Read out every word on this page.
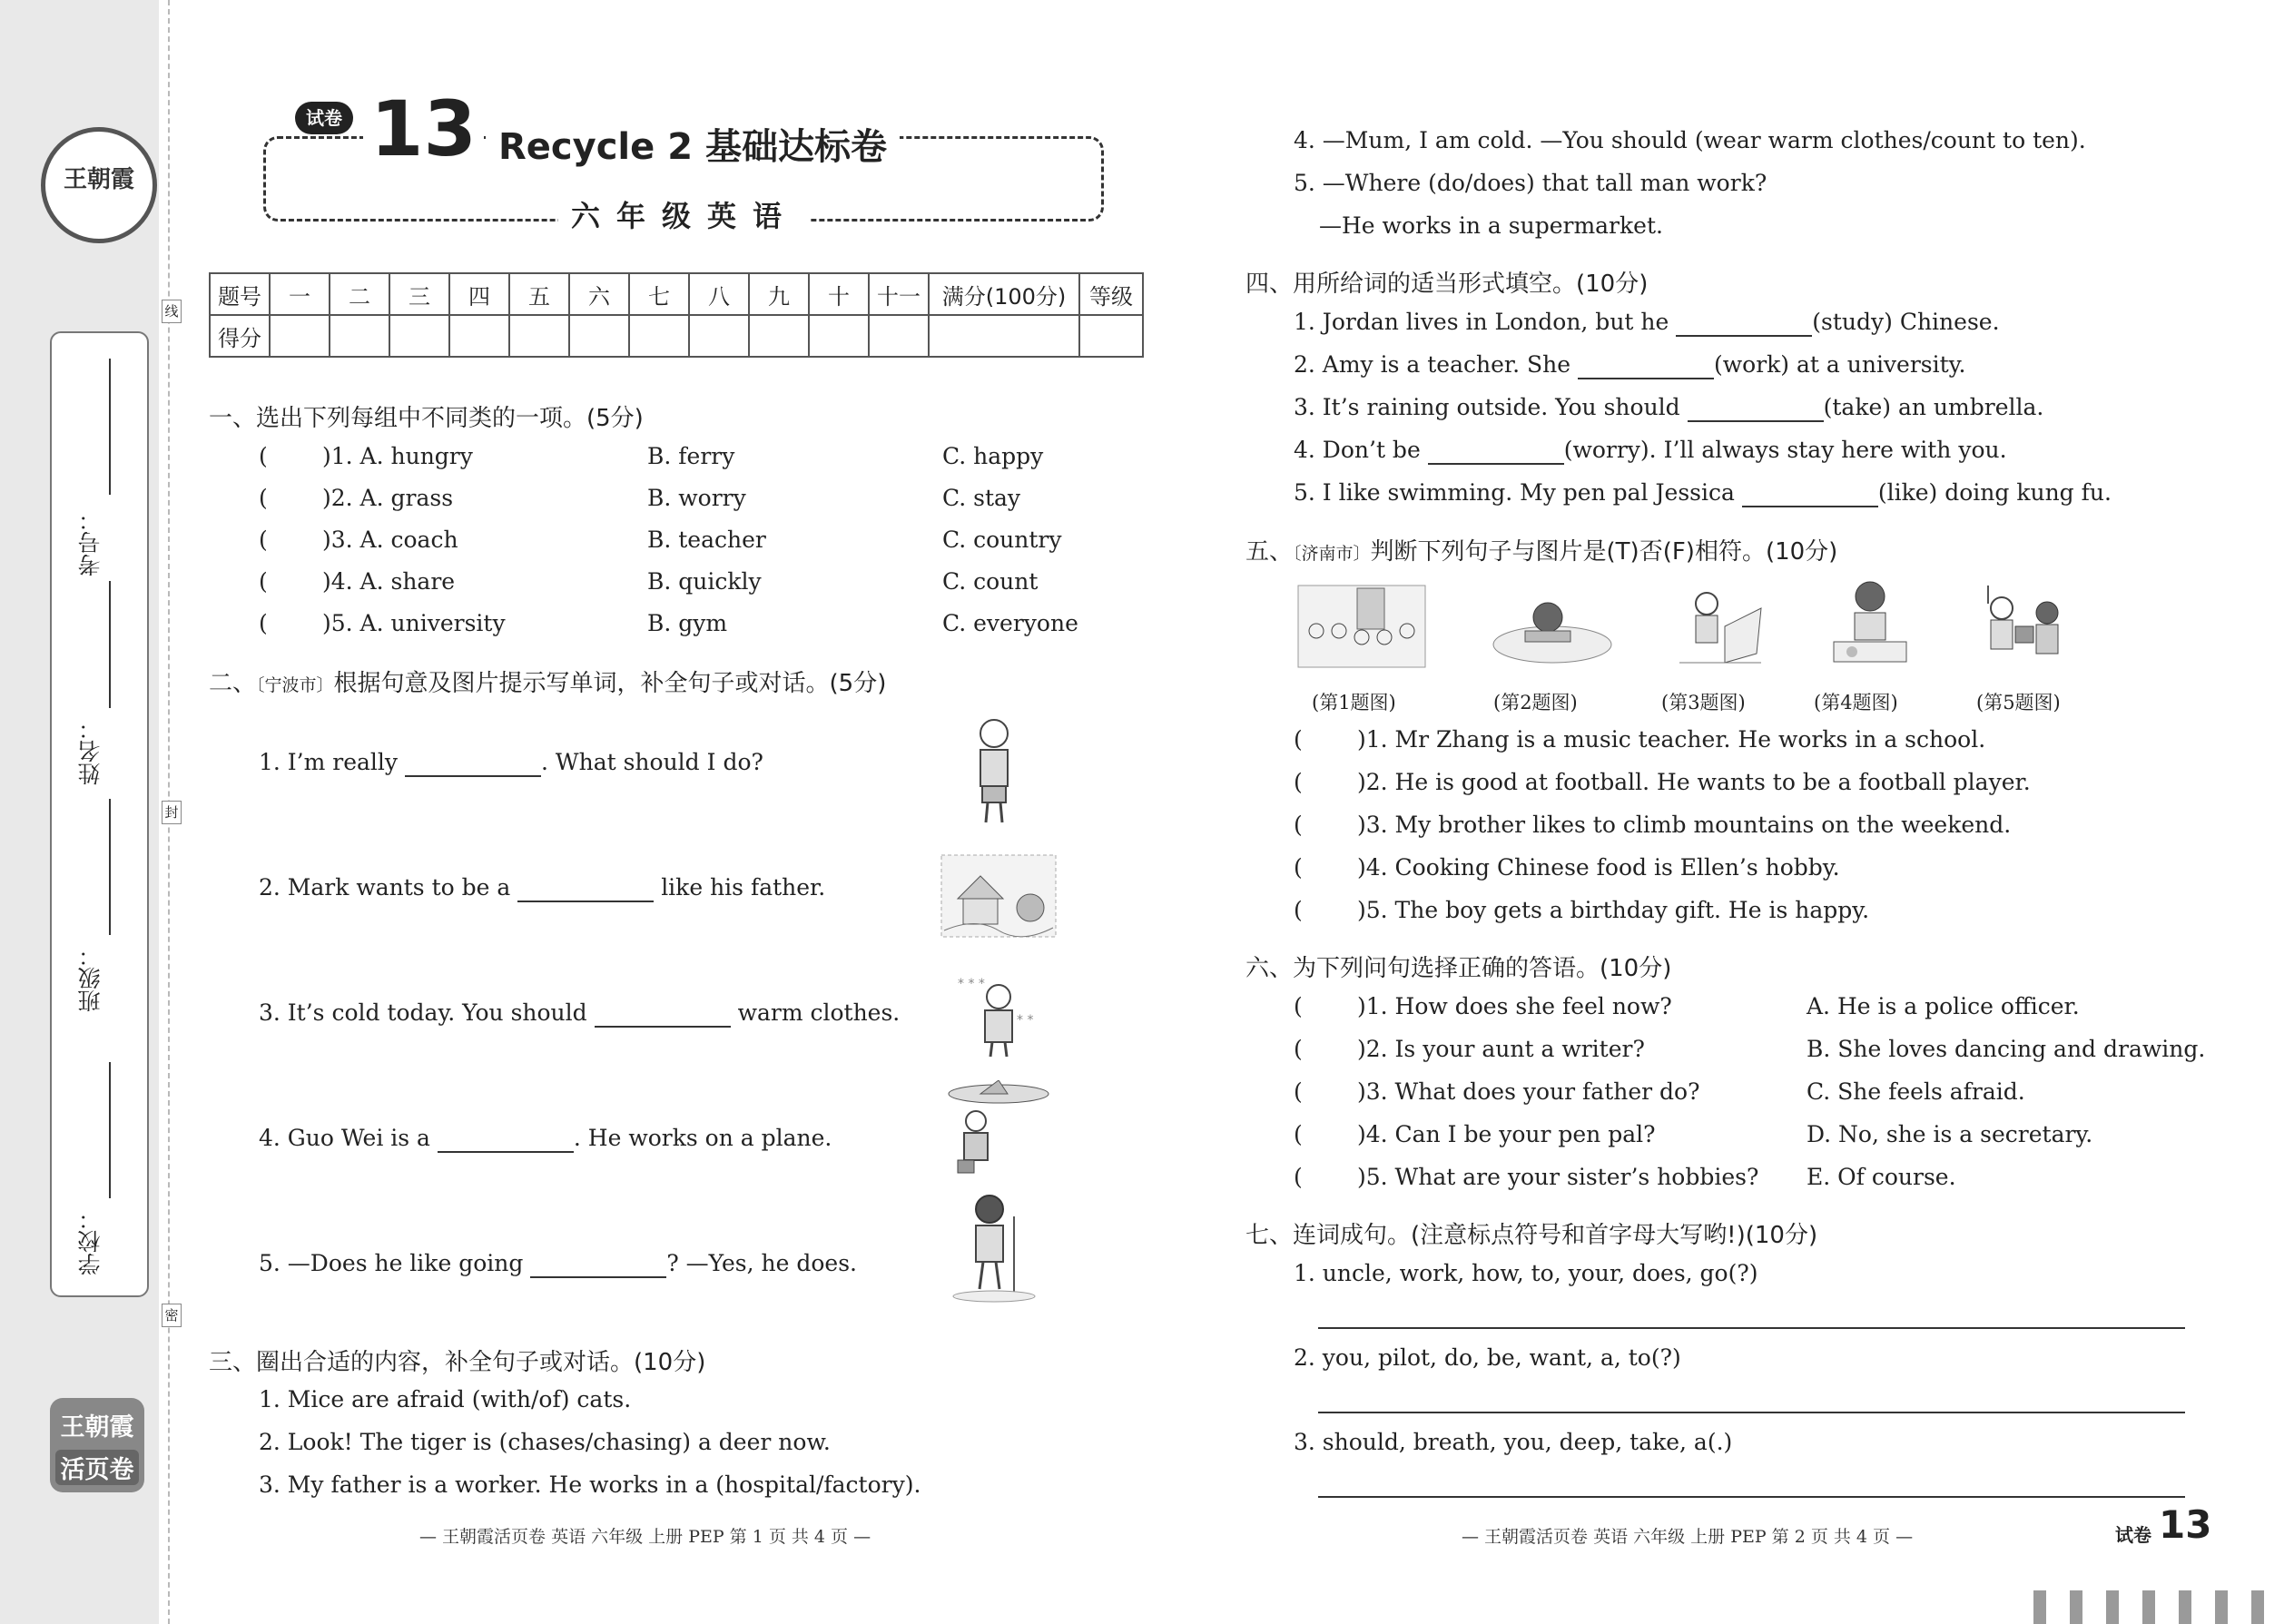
线
封
密
王朝霞
学校：
班级：
姓名：
考号：
王朝霞
活页卷
13
试卷
Recycle 2 基础达标卷
六年级英语
题号	一	二	三	四	五	六	七	八	九	十	十一	满分(100分)	等级
得分													
一、选出下列每组中不同类的一项。(5分)
( )1. A. hungry	B. ferry	C. happy
( )2. A. grass	B. worry	C. stay
( )3. A. coach	B. teacher	C. country
( )4. A. share	B. quickly	C. count
( )5. A. university	B. gym	C. everyone
二、〔宁波市〕根据句意及图片提示写单词，补全句子或对话。(5分)
1. I’m really	. What should I do?
2. Mark wants to be a	like his father.
3. It’s cold today. You should	warm clothes.
4. Guo Wei is a	. He works on a plane.
5. —Does he like going	? —Yes, he does.
* * *
* *
三、圈出合适的内容，补全句子或对话。(10分)
1. Mice are afraid (with/of) cats.
2. Look! The tiger is (chases/chasing) a deer now.
3. My father is a worker. He works in a (hospital/factory).
4. —Mum, I am cold. —You should (wear warm clothes/count to ten).
5. —Where (do/does) that tall man work?
—He works in a supermarket.
四、用所给词的适当形式填空。(10分)
1. Jordan lives in London, but he	(study) Chinese.
2. Amy is a teacher. She	(work) at a university.
3. It’s raining outside. You should	(take) an umbrella.
4. Don’t be	(worry). I’ll always stay here with you.
5. I like swimming. My pen pal Jessica	(like) doing kung fu.
五、〔济南市〕判断下列句子与图片是(T)否(F)相符。(10分)
(第1题图)	(第2题图)	(第3题图)	(第4题图)	(第5题图)
( )1. Mr Zhang is a music teacher. He works in a school.
( )2. He is good at football. He wants to be a football player.
( )3. My brother likes to climb mountains on the weekend.
( )4. Cooking Chinese food is Ellen’s hobby.
( )5. The boy gets a birthday gift. He is happy.
六、为下列问句选择正确的答语。(10分)
( )1. How does she feel now?	A. He is a police officer.
( )2. Is your aunt a writer?	B. She loves dancing and drawing.
( )3. What does your father do?	C. She feels afraid.
( )4. Can I be your pen pal?	D. No, she is a secretary.
( )5. What are your sister’s hobbies? E. Of course.
七、连词成句。(注意标点符号和首字母大写哟!)(10分)
1. uncle, work, how, to, your, does, go(?)
2. you, pilot, do, be, want, a, to(?)
3. should, breath, you, deep, take, a(.)
— 王朝霞活页卷 英语 六年级 上册 PEP 第 1 页 共 4 页 —	— 王朝霞活页卷 英语 六年级 上册 PEP 第 2 页 共 4 页 —	试卷 13
